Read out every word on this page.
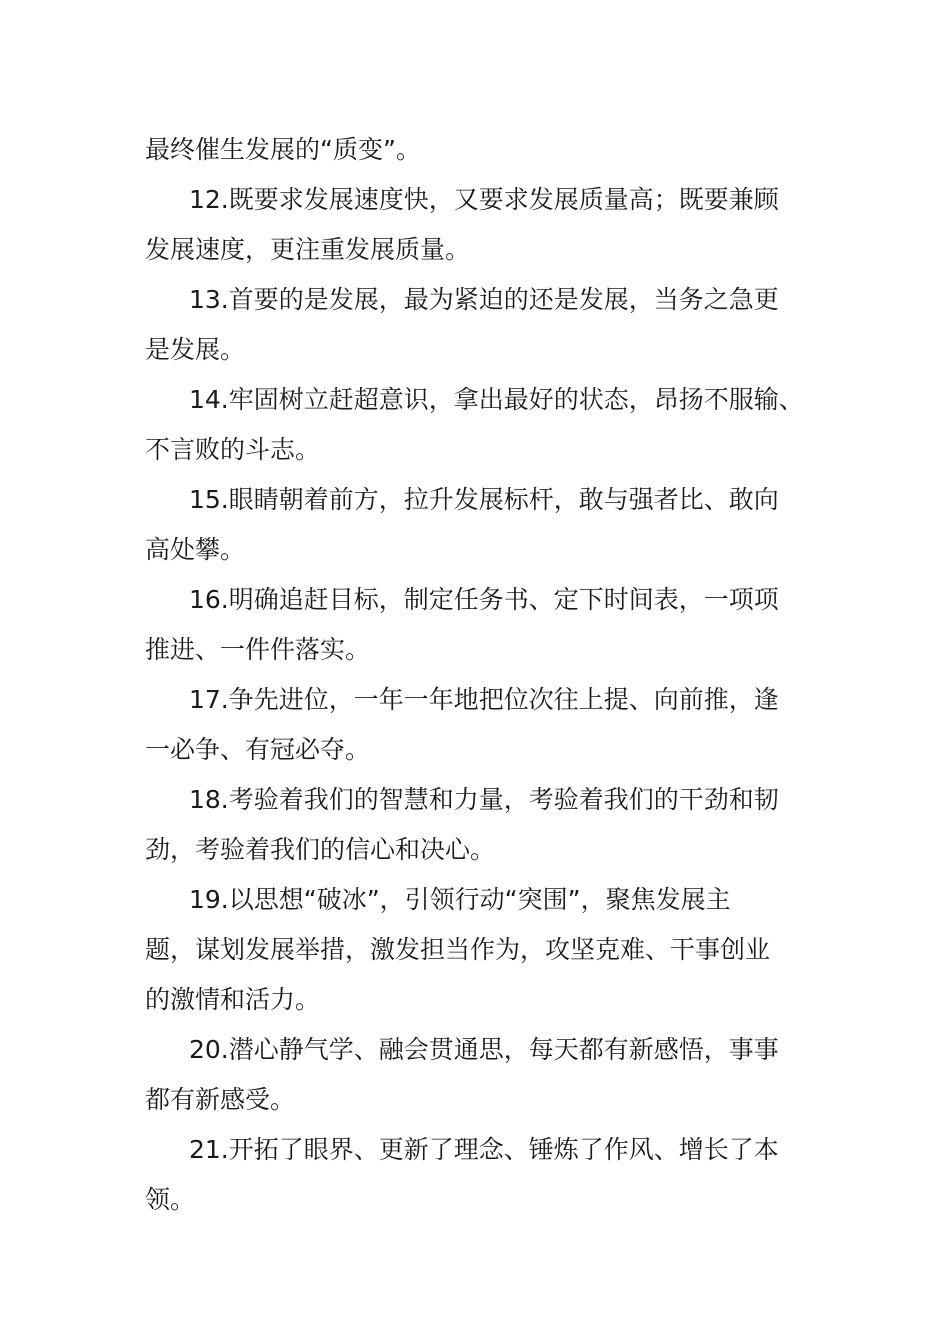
最终催生发展的“质变”。
12.既要求发展速度快，又要求发展质量高；既要兼顾
发展速度，更注重发展质量。
13.首要的是发展，最为紧迫的还是发展，当务之急更
是发展。
14.牢固树立赶超意识，拿出最好的状态，昂扬不服输、
不言败的斗志。
15.眼睛朝着前方，拉升发展标杆，敢与强者比、敢向
高处攀。
16.明确追赶目标，制定任务书、定下时间表，一项项
推进、一件件落实。
17.争先进位，一年一年地把位次往上提、向前推，逢
一必争、有冠必夺。
18.考验着我们的智慧和力量，考验着我们的干劲和韧
劲，考验着我们的信心和决心。
19.以思想“破冰”，引领行动“突围”，聚焦发展主
题，谋划发展举措，激发担当作为，攻坚克难、干事创业
的激情和活力。
20.潜心静气学、融会贯通思，每天都有新感悟，事事
都有新感受。
21.开拓了眼界、更新了理念、锤炼了作风、增长了本
领。
